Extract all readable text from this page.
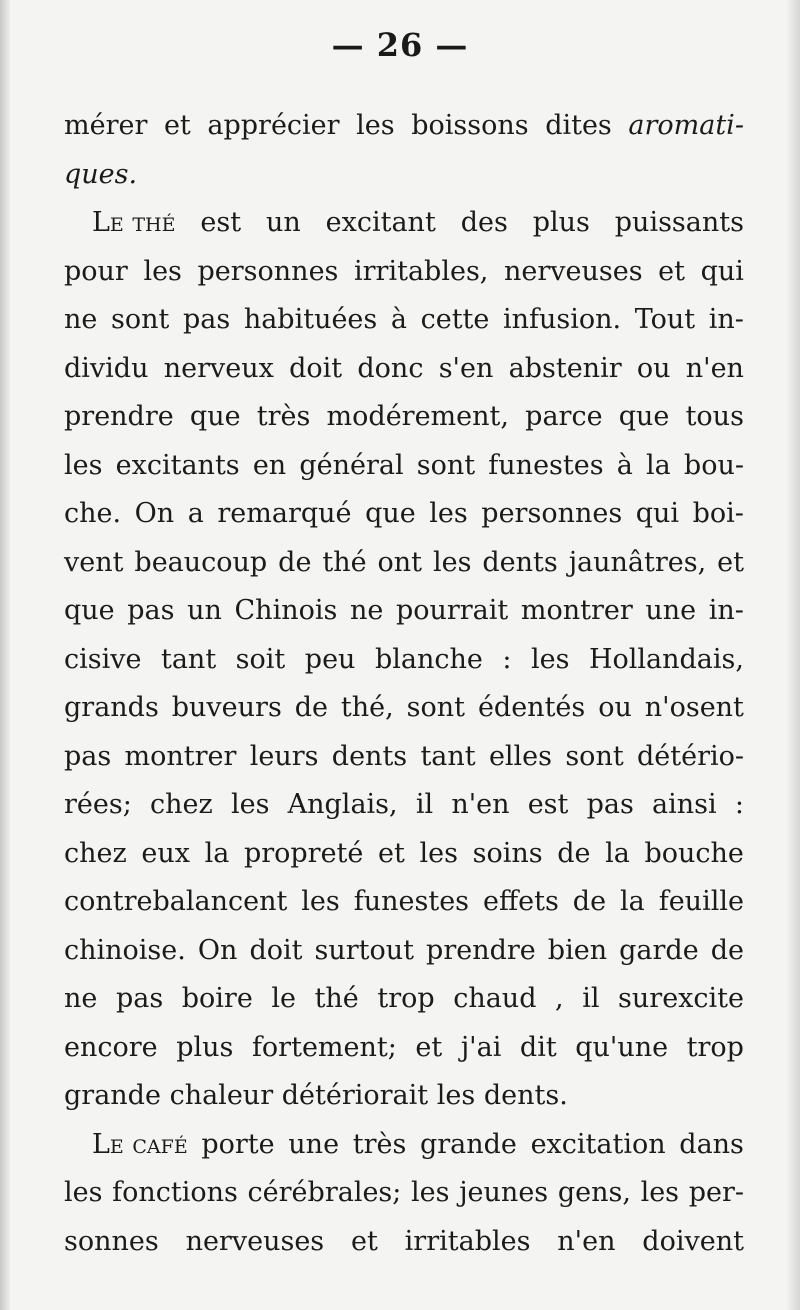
— 26 —
mérer et apprécier les boissons dites aromati-
ques.
Le thé est un excitant des plus puissants
pour les personnes irritables, nerveuses et qui
ne sont pas habituées à cette infusion. Tout in-
dividu nerveux doit donc s'en abstenir ou n'en
prendre que très modérement, parce que tous
les excitants en général sont funestes à la bou-
che. On a remarqué que les personnes qui boi-
vent beaucoup de thé ont les dents jaunâtres, et
que pas un Chinois ne pourrait montrer une in-
cisive tant soit peu blanche : les Hollandais,
grands buveurs de thé, sont édentés ou n'osent
pas montrer leurs dents tant elles sont détério-
rées; chez les Anglais, il n'en est pas ainsi :
chez eux la propreté et les soins de la bouche
contrebalancent les funestes effets de la feuille
chinoise. On doit surtout prendre bien garde de
ne pas boire le thé trop chaud , il surexcite
encore plus fortement; et j'ai dit qu'une trop
grande chaleur détériorait les dents.
Le café porte une très grande excitation dans
les fonctions cérébrales; les jeunes gens, les per-
sonnes nerveuses et irritables n'en doivent
